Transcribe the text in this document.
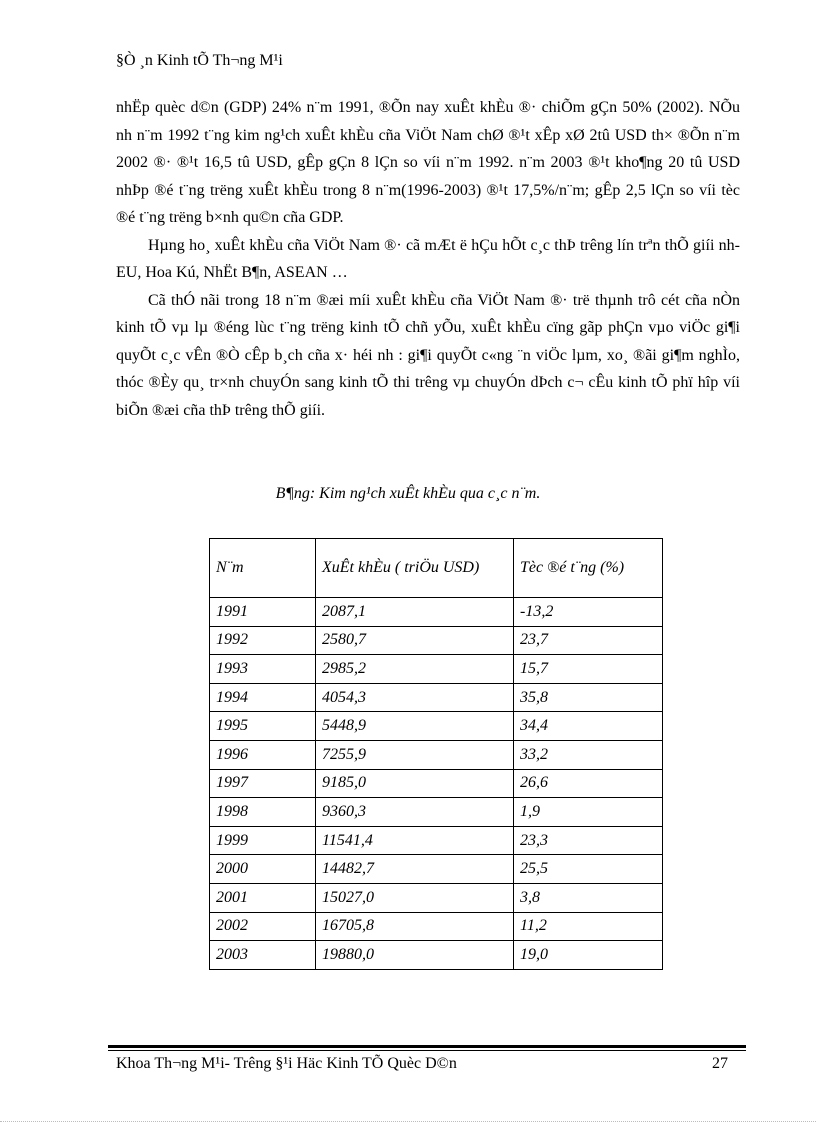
§Ò ¸n Kinh tÕ Th¬ng M¹i

nhËp quèc d©n (GDP) 24% n¨m 1991, ®Õn nay xuÊt khÈu ®· chiÕm gÇn 50% (2002). NÕu nh n¨m 1992 t¨ng kim ng¹ch xuÊt khÈu cña ViÖt Nam chØ ®¹t xÊp xØ 2tû USD th× ®Õn n¨m 2002 ®· ®¹t 16,5 tû USD, gÊp gÇn 8 lÇn so víi n¨m 1992. n¨m 2003 ®¹t kho¶ng 20 tû USD nhÞp ®é t¨ng trëng xuÊt khÈu trong 8 n¨m(1996-2003) ®¹t 17,5%/n¨m; gÊp 2,5 lÇn so víi tèc ®é t¨ng trëng b×nh qu©n cña GDP.

Hµng ho¸ xuÊt khÈu cña ViÖt Nam ®· cã mÆt ë hÇu hÕt c¸c thÞ trêng lín trªn thÕ giíi nh EU, Hoa Kú, NhËt B¶n, ASEAN …

Cã thÓ nãi trong 18 n¨m ®æi míi xuÊt khÈu cña ViÖt Nam ®· trë thµnh trô cét cña nÒn kinh tÕ vµ lµ ®éng lùc t¨ng trëng kinh tÕ chñ yÕu, xuÊt khÈu cïng gãp phÇn vµo viÖc gi¶i quyÕt c¸c vÊn ®Ò cÊp b¸ch cña x· héi nh : gi¶i quyÕt c«ng ¨n viÖc lµm, xo¸ ®ãi gi¶m nghÌo, thóc ®Èy qu¸ tr×nh chuyÓn sang kinh tÕ thi trêng vµ chuyÓn dÞch c¬ cÊu kinh tÕ phï hîp víi biÕn ®æi cña thÞ trêng thÕ giíi.

B¶ng: Kim ng¹ch xuÊt khÈu qua c¸c n¨m.
N¨m	XuÊt khÈu ( triÖu USD)	Tèc ®é t¨ng (%)
1991	2087,1	-13,2
1992	2580,7	23,7
1993	2985,2	15,7
1994	4054,3	35,8
1995	5448,9	34,4
1996	7255,9	33,2
1997	9185,0	26,6
1998	9360,3	1,9
1999	11541,4	23,3
2000	14482,7	25,5
2001	15027,0	3,8
2002	16705,8	11,2
2003	19880,0	19,0
Khoa Th¬ng M¹i- Trêng §¹i Häc Kinh TÕ Quèc D©n	27
